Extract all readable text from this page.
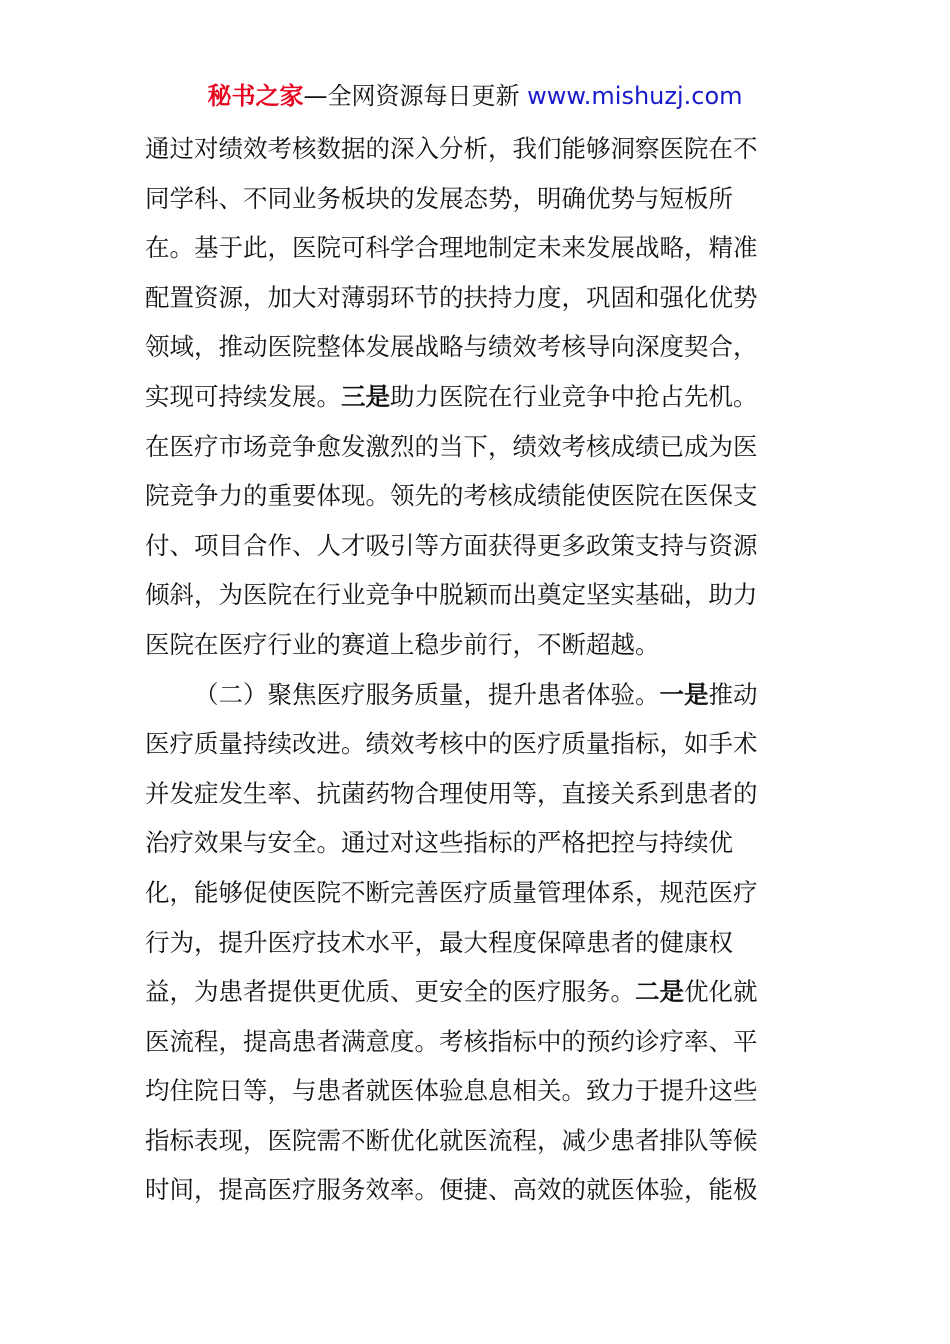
秘书之家—全网资源每日更新 www.mishuzj.com
通过对绩效考核数据的深入分析，我们能够洞察医院在不
同学科、不同业务板块的发展态势，明确优势与短板所
在。基于此，医院可科学合理地制定未来发展战略，精准
配置资源，加大对薄弱环节的扶持力度，巩固和强化优势
领域，推动医院整体发展战略与绩效考核导向深度契合，
实现可持续发展。三是助力医院在行业竞争中抢占先机。
在医疗市场竞争愈发激烈的当下，绩效考核成绩已成为医
院竞争力的重要体现。领先的考核成绩能使医院在医保支
付、项目合作、人才吸引等方面获得更多政策支持与资源
倾斜，为医院在行业竞争中脱颖而出奠定坚实基础，助力
医院在医疗行业的赛道上稳步前行，不断超越。
（二）聚焦医疗服务质量，提升患者体验。一是推动
医疗质量持续改进。绩效考核中的医疗质量指标，如手术
并发症发生率、抗菌药物合理使用等，直接关系到患者的
治疗效果与安全。通过对这些指标的严格把控与持续优
化，能够促使医院不断完善医疗质量管理体系，规范医疗
行为，提升医疗技术水平，最大程度保障患者的健康权
益，为患者提供更优质、更安全的医疗服务。二是优化就
医流程，提高患者满意度。考核指标中的预约诊疗率、平
均住院日等，与患者就医体验息息相关。致力于提升这些
指标表现，医院需不断优化就医流程，减少患者排队等候
时间，提高医疗服务效率。便捷、高效的就医体验，能极
